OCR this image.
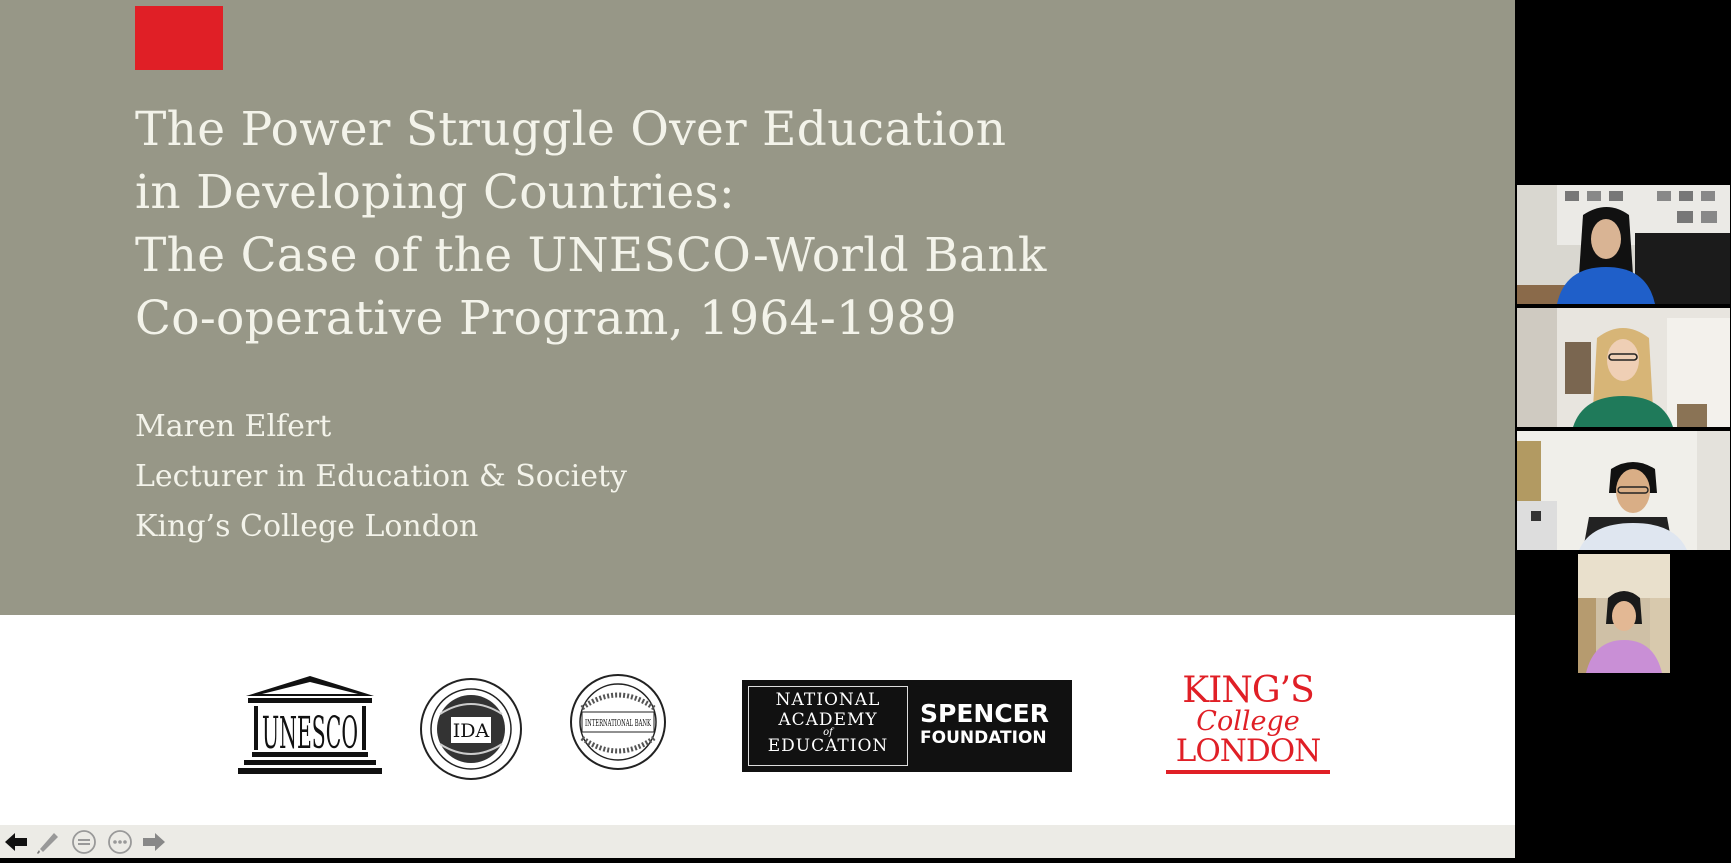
The Power Struggle Over Education
in Developing Countries:
The Case of the UNESCO-World Bank
Co-operative Program, 1964-1989
Maren Elfert
Lecturer in Education & Society
King’s College London
UNESCO	IDA	INTERNATIONAL BANK
NATIONAL
ACADEMY
of
EDUCATION
SPENCER
FOUNDATION
KING’S
College
LONDON
